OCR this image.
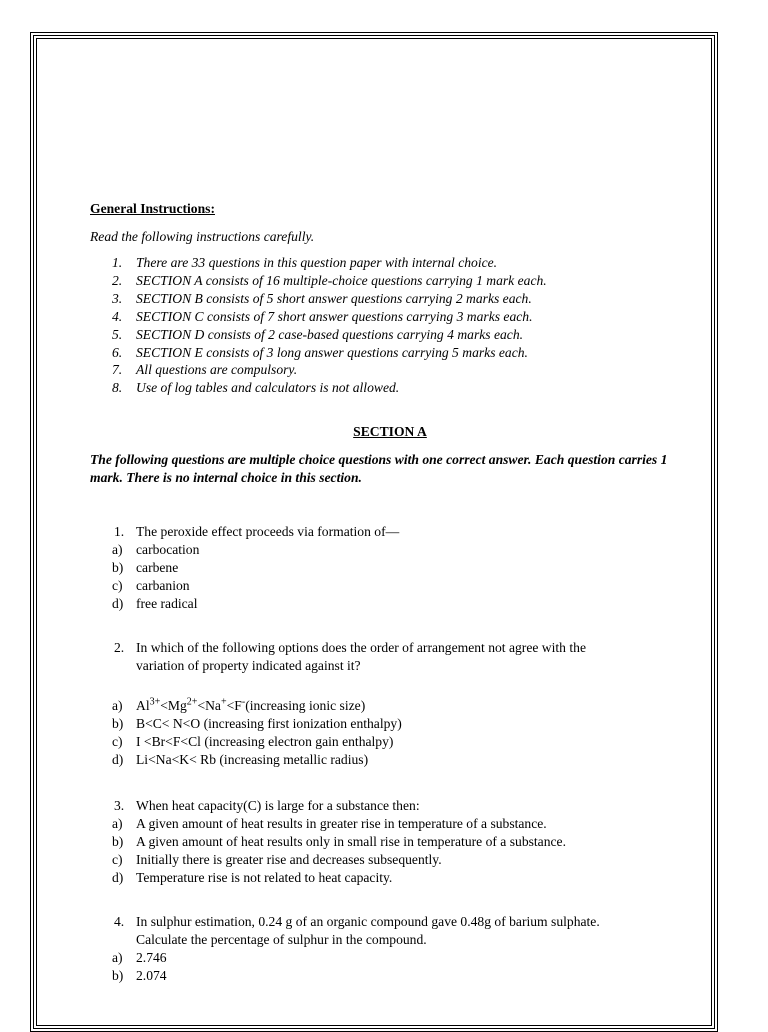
General Instructions:

Read the following instructions carefully.

1. There are 33 questions in this question paper with internal choice.
2. SECTION A consists of 16 multiple-choice questions carrying 1 mark each.
3. SECTION B consists of 5 short answer questions carrying 2 marks each.
4. SECTION C consists of 7 short answer questions carrying 3 marks each.
5. SECTION D consists of 2 case-based questions carrying 4 marks each.
6. SECTION E consists of 3 long answer questions carrying 5 marks each.
7. All questions are compulsory.
8. Use of log tables and calculators is not allowed.

SECTION A

The following questions are multiple choice questions with one correct answer. Each question carries 1 mark. There is no internal choice in this section.

1. The peroxide effect proceeds via formation of—
a) carbocation
b) carbene
c) carbanion
d) free radical
2. In which of the following options does the order of arrangement not agree with the
variation of property indicated against it?
a) $Al^{3+}<Mg^{2+}<Na^+<F^-(increasing$ ionic size)
b) B<C< N<O (increasing first ionization enthalpy)
c) I <Br<F<Cl (increasing electron gain enthalpy)
d) Li<Na<K< Rb (increasing metallic radius)
3. When heat capacity(C) is large for a substance then:
a) A given amount of heat results in greater rise in temperature of a substance.
b) A given amount of heat results only in small rise in temperature of a substance.
c) Initially there is greater rise and decreases subsequently.
d) Temperature rise is not related to heat capacity.
4. In sulphur estimation, 0.24 g of an organic compound gave 0.48g of barium sulphate.
Calculate the percentage of sulphur in the compound.
a) 2.746
b) 2.074
